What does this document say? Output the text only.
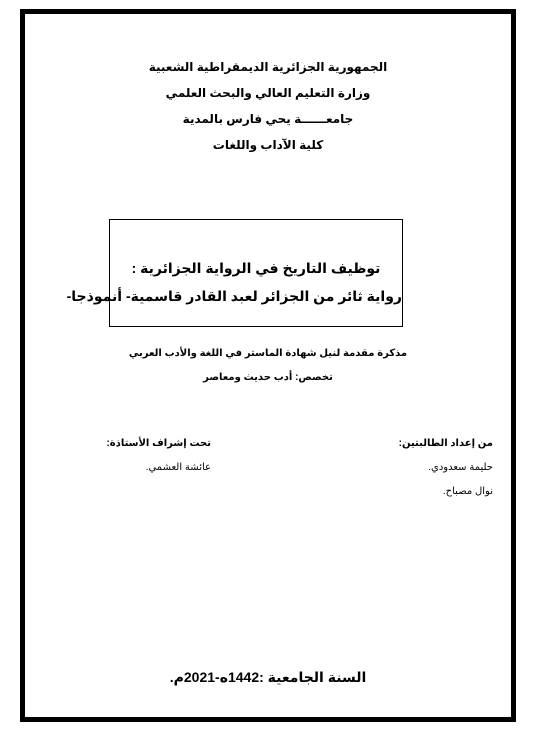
الجمهورية الجزائرية الديمقراطية الشعبية
وزارة التعليم العالي والبحث العلمي
جامعــــــة يحي فارس بالمدية
كلية الآداب واللغات
توظيف التاريخ في الرواية الجزائرية :
رواية ثائر من الجزائر لعبد القادر قاسمية- أنموذجا-
مذكرة مقدمة لنيل شهادة الماستر في اللغة والأدب العربي
تخصص: أدب حديث ومعاصر
من إعداد الطالبتين:
حليمة سعدودي.
نوال مصباح.
تحت إشراف الأستاذة:
عائشة العشمي.
السنة الجامعية :1442ه-2021م.
